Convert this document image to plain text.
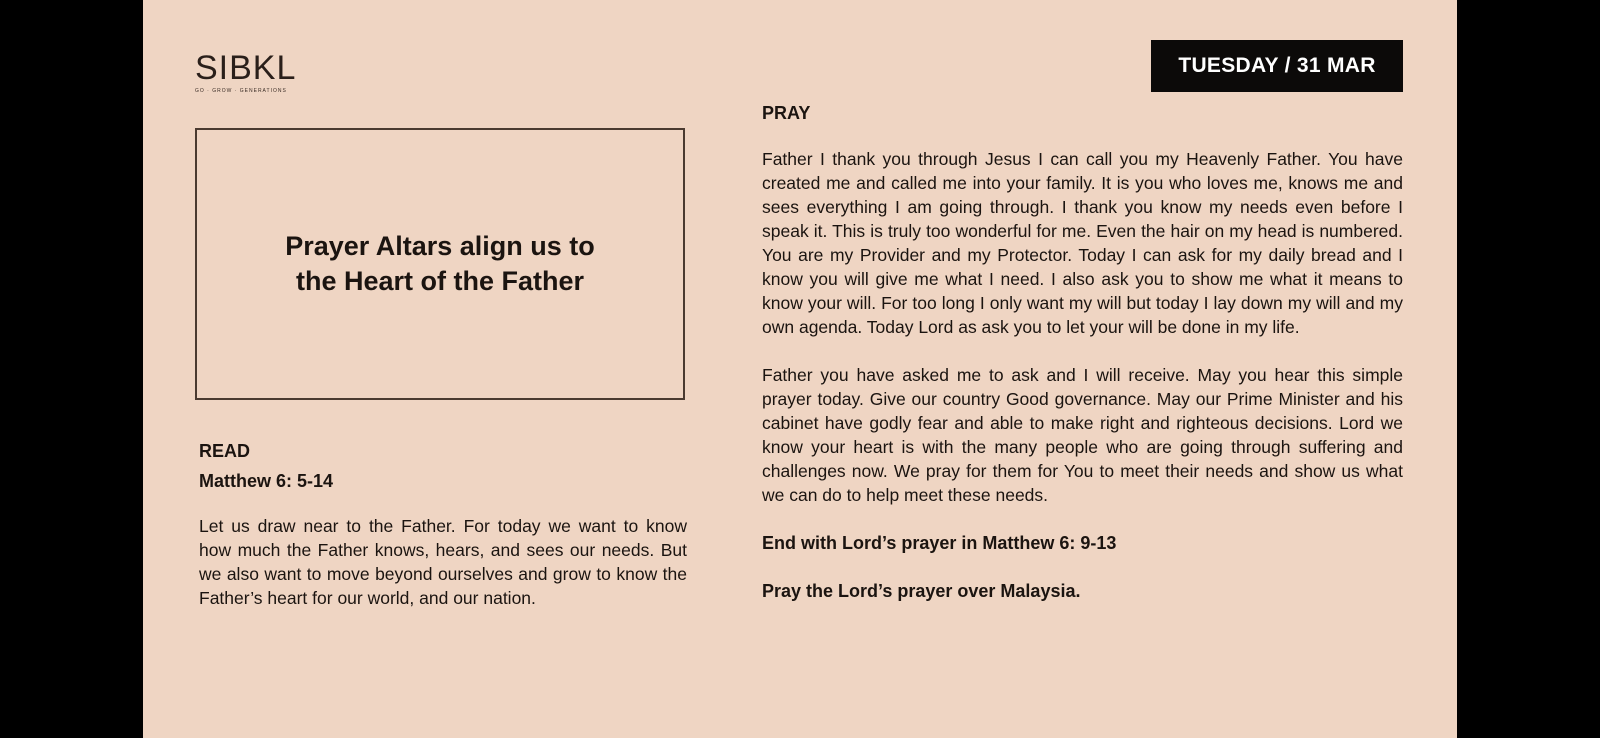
SIBKL
GO · GROW · GENERATIONS
TUESDAY / 31 MAR
Prayer Altars align us to the Heart of the Father
READ
Matthew 6: 5-14
Let us draw near to the Father. For today we want to know how much the Father knows, hears, and sees our needs. But we also want to move beyond ourselves and grow to know the Father’s heart for our world, and our nation.
PRAY

Father I thank you through Jesus I can call you my Heavenly Father. You have created me and called me into your family. It is you who loves me, knows me and sees everything I am going through. I thank you know my needs even before I speak it. This is truly too wonderful for me. Even the hair on my head is numbered. You are my Provider and my Protector. Today I can ask for my daily bread and I know you will give me what I need. I also ask you to show me what it means to know your will. For too long I only want my will but today I lay down my will and my own agenda. Today Lord as ask you to let your will be done in my life.

Father you have asked me to ask and I will receive. May you hear this simple prayer today. Give our country Good governance. May our Prime Minister and his cabinet have godly fear and able to make right and righteous decisions. Lord we know your heart is with the many people who are going through suffering and challenges now. We pray for them for You to meet their needs and show us what we can do to help meet these needs.

End with Lord’s prayer in Matthew 6: 9-13
Pray the Lord’s prayer over Malaysia.
